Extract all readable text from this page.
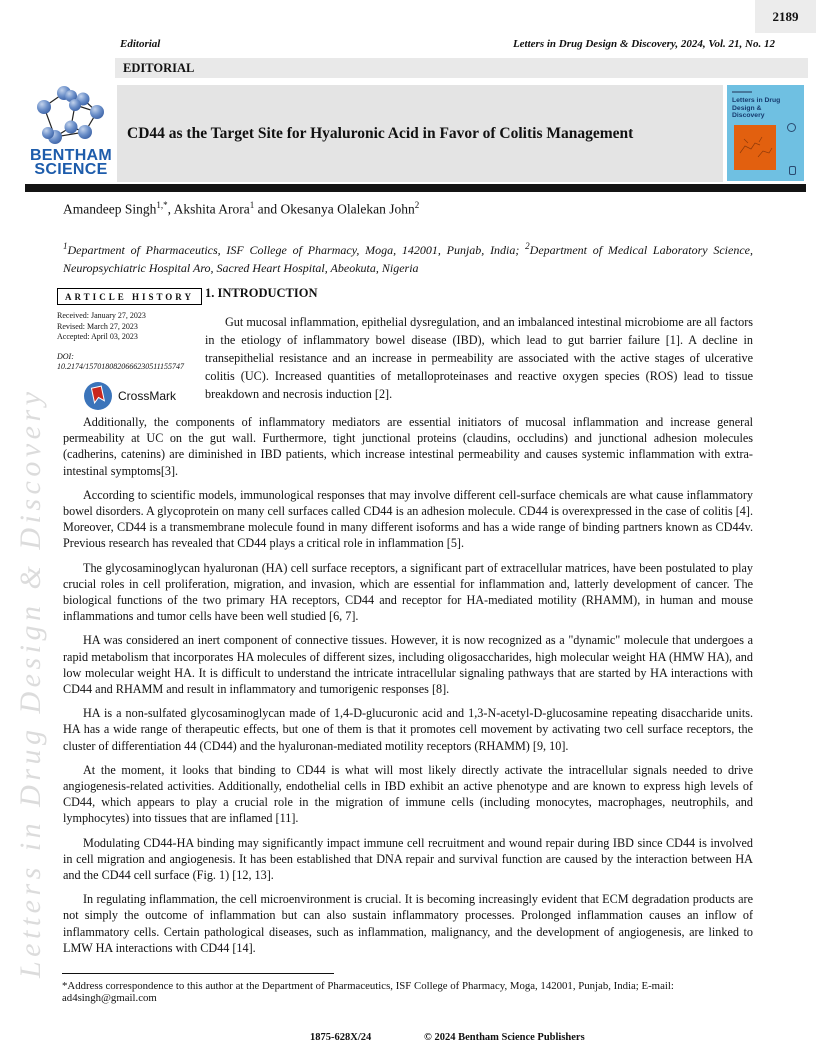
2189
Editorial	Letters in Drug Design & Discovery, 2024, Vol. 21, No. 12
EDITORIAL
BENTHAM
SCIENCE
CD44 as the Target Site for Hyaluronic Acid in Favor of Colitis Management
Letters in Drug Design & Discovery
Amandeep Singh$^{1,*}$, Akshita Arora$^1$ and Okesanya Olalekan John$^2$
$^1$Department of Pharmaceutics, ISF College of Pharmacy, Moga, 142001, Punjab, India; $^2$Department of Medical Laboratory Science, Neuropsychiatric Hospital Aro, Sacred Heart Hospital, Abeokuta, Nigeria
ARTICLE HISTORY
Received: January 27, 2023
Revised: March 27, 2023
Accepted: April 03, 2023
DOI:
10.2174/1570180820666230511155747
CrossMark
1. INTRODUCTION

Gut mucosal inflammation, epithelial dysregulation, and an imbalanced intestinal microbiome are all factors in the etiology of inflammatory bowel disease (IBD), which lead to gut barrier failure [1]. A decline in transepithelial resistance and an increase in permeability are associated with the active stages of ulcerative colitis (UC). Increased quantities of metalloproteinases and reactive oxygen species (ROS) lead to tissue breakdown and necrosis induction [2].

Additionally, the components of inflammatory mediators are essential initiators of mucosal inflammation and increase general permeability at UC on the gut wall. Furthermore, tight junctional proteins (claudins, occludins) and junctional adhesion molecules (cadherins, catenins) are diminished in IBD patients, which increase intestinal permeability and causes systemic inflammation with extra-intestinal symptoms[3].

According to scientific models, immunological responses that may involve different cell-surface chemicals are what cause inflammatory bowel disorders. A glycoprotein on many cell surfaces called CD44 is an adhesion molecule. CD44 is overexpressed in the case of colitis [4]. Moreover, CD44 is a transmembrane molecule found in many different isoforms and has a wide range of binding partners known as CD44v. Previous research has revealed that CD44 plays a critical role in inflammation [5].

The glycosaminoglycan hyaluronan (HA) cell surface receptors, a significant part of extracellular matrices, have been postulated to play crucial roles in cell proliferation, migration, and invasion, which are essential for inflammation and, latterly development of cancer. The biological functions of the two primary HA receptors, CD44 and receptor for HA-mediated motility (RHAMM), in human and mouse inflammations and tumor cells have been well studied [6, 7].

HA was considered an inert component of connective tissues. However, it is now recognized as a "dynamic" molecule that undergoes a rapid metabolism that incorporates HA molecules of different sizes, including oligosaccharides, high molecular weight HA (HMW HA), and low molecular weight HA. It is difficult to understand the intricate intracellular signaling pathways that are started by HA interactions with CD44 and RHAMM and result in inflammatory and tumorigenic responses [8].

HA is a non-sulfated glycosaminoglycan made of 1,4-D-glucuronic acid and 1,3-N-acetyl-D-glucosamine repeating disaccharide units. HA has a wide range of therapeutic effects, but one of them is that it promotes cell movement by activating two cell surface receptors, the cluster of differentiation 44 (CD44) and the hyaluronan-mediated motility receptors (RHAMM) [9, 10].

At the moment, it looks that binding to CD44 is what will most likely directly activate the intracellular signals needed to drive angiogenesis-related activities. Additionally, endothelial cells in IBD exhibit an active phenotype and are known to express high levels of CD44, which appears to play a crucial role in the migration of immune cells (including monocytes, macrophages, neutrophils, and lymphocytes) into tissues that are inflamed [11].

Modulating CD44-HA binding may significantly impact immune cell recruitment and wound repair during IBD since CD44 is involved in cell migration and angiogenesis. It has been established that DNA repair and survival function are caused by the interaction between HA and the CD44 cell surface (Fig. 1) [12, 13].

In regulating inflammation, the cell microenvironment is crucial. It is becoming increasingly evident that ECM degradation products are not simply the outcome of inflammation but can also sustain inflammatory processes. Prolonged inflammation causes an inflow of inflammatory cells. Certain pathological diseases, such as inflammation, malignancy, and the development of angiogenesis, are linked to LMW HA interactions with CD44 [14].

Letters in Drug Design & Discovery
*Address correspondence to this author at the Department of Pharmaceutics, ISF College of Pharmacy, Moga, 142001, Punjab, India; E-mail: ad4singh@gmail.com
1875-628X/24	© 2024 Bentham Science Publishers
